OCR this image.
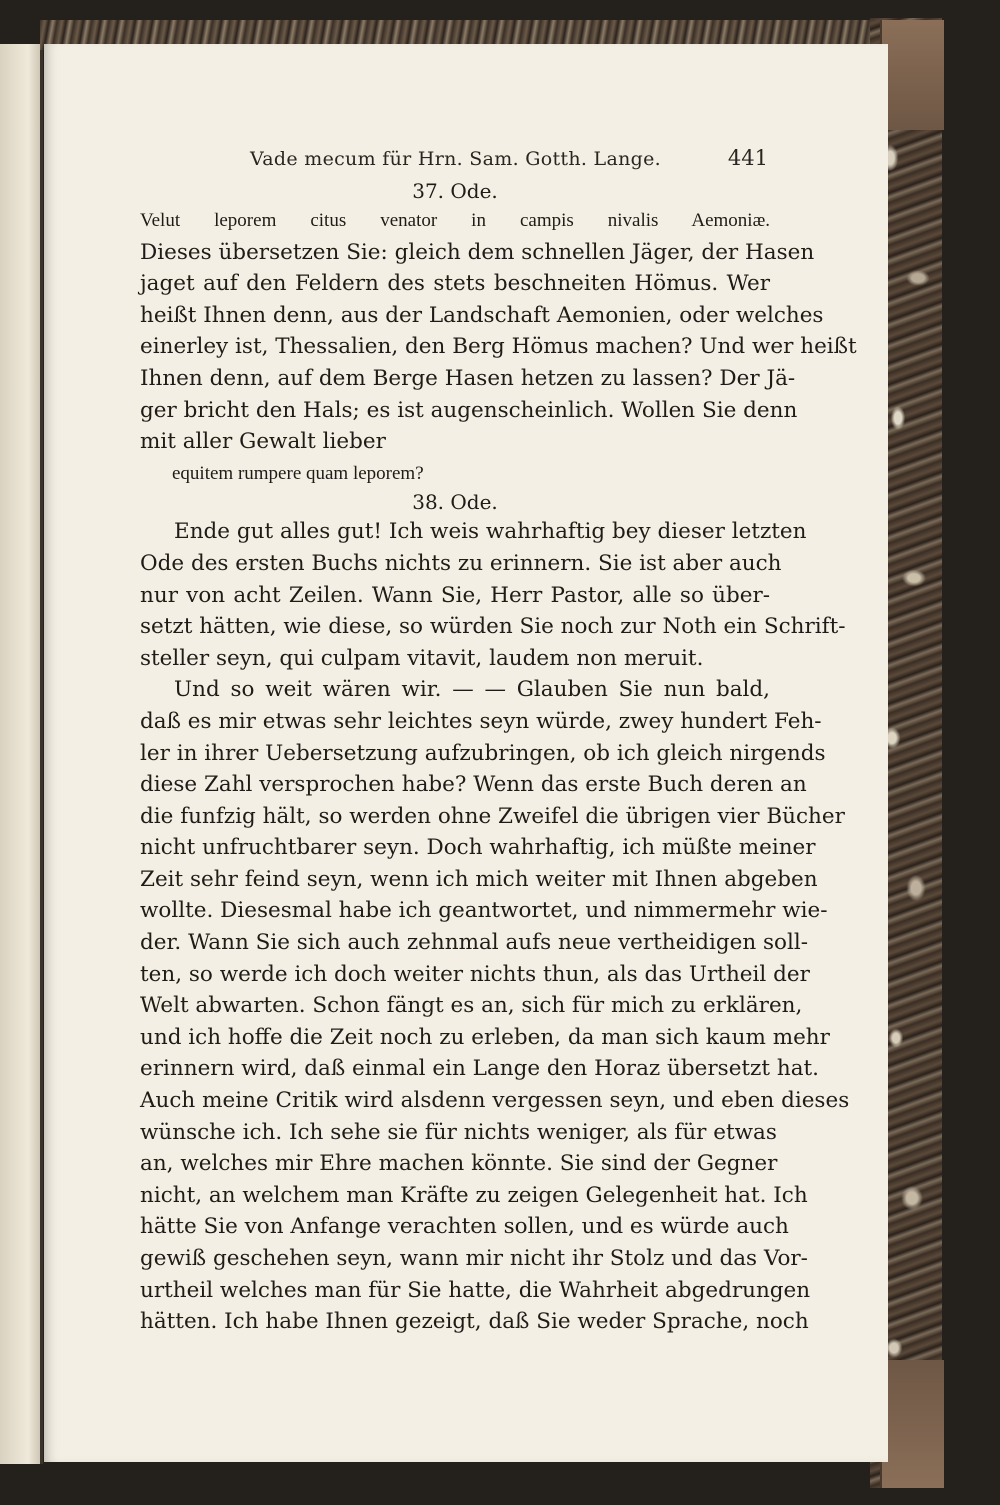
Vade mecum für Hrn. Sam. Gotth. Lange.	441
37. Ode.
Velut leporem citus venator in campis nivalis Aemoniæ.
Dieses übersetzen Sie: gleich dem schnellen Jäger, der Hasen
jaget auf den Feldern des stets beschneiten Hömus. Wer
heißt Ihnen denn, aus der Landschaft Aemonien, oder welches
einerley ist, Thessalien, den Berg Hömus machen? Und wer heißt
Ihnen denn, auf dem Berge Hasen hetzen zu lassen? Der Jä-
ger bricht den Hals; es ist augenscheinlich. Wollen Sie denn
mit aller Gewalt lieber
equitem rumpere quam leporem?
38. Ode.
Ende gut alles gut! Ich weis wahrhaftig bey dieser letzten
Ode des ersten Buchs nichts zu erinnern. Sie ist aber auch
nur von acht Zeilen. Wann Sie, Herr Pastor, alle so über-
setzt hätten, wie diese, so würden Sie noch zur Noth ein Schrift-
steller seyn, qui culpam vitavit, laudem non meruit.
Und so weit wären wir. — — Glauben Sie nun bald,
daß es mir etwas sehr leichtes seyn würde, zwey hundert Feh-
ler in ihrer Uebersetzung aufzubringen, ob ich gleich nirgends
diese Zahl versprochen habe? Wenn das erste Buch deren an
die funfzig hält, so werden ohne Zweifel die übrigen vier Bücher
nicht unfruchtbarer seyn. Doch wahrhaftig, ich müßte meiner
Zeit sehr feind seyn, wenn ich mich weiter mit Ihnen abgeben
wollte. Diesesmal habe ich geantwortet, und nimmermehr wie-
der. Wann Sie sich auch zehnmal aufs neue vertheidigen soll-
ten, so werde ich doch weiter nichts thun, als das Urtheil der
Welt abwarten. Schon fängt es an, sich für mich zu erklären,
und ich hoffe die Zeit noch zu erleben, da man sich kaum mehr
erinnern wird, daß einmal ein Lange den Horaz übersetzt hat.
Auch meine Critik wird alsdenn vergessen seyn, und eben dieses
wünsche ich. Ich sehe sie für nichts weniger, als für etwas
an, welches mir Ehre machen könnte. Sie sind der Gegner
nicht, an welchem man Kräfte zu zeigen Gelegenheit hat. Ich
hätte Sie von Anfange verachten sollen, und es würde auch
gewiß geschehen seyn, wann mir nicht ihr Stolz und das Vor-
urtheil welches man für Sie hatte, die Wahrheit abgedrungen
hätten. Ich habe Ihnen gezeigt, daß Sie weder Sprache, noch
